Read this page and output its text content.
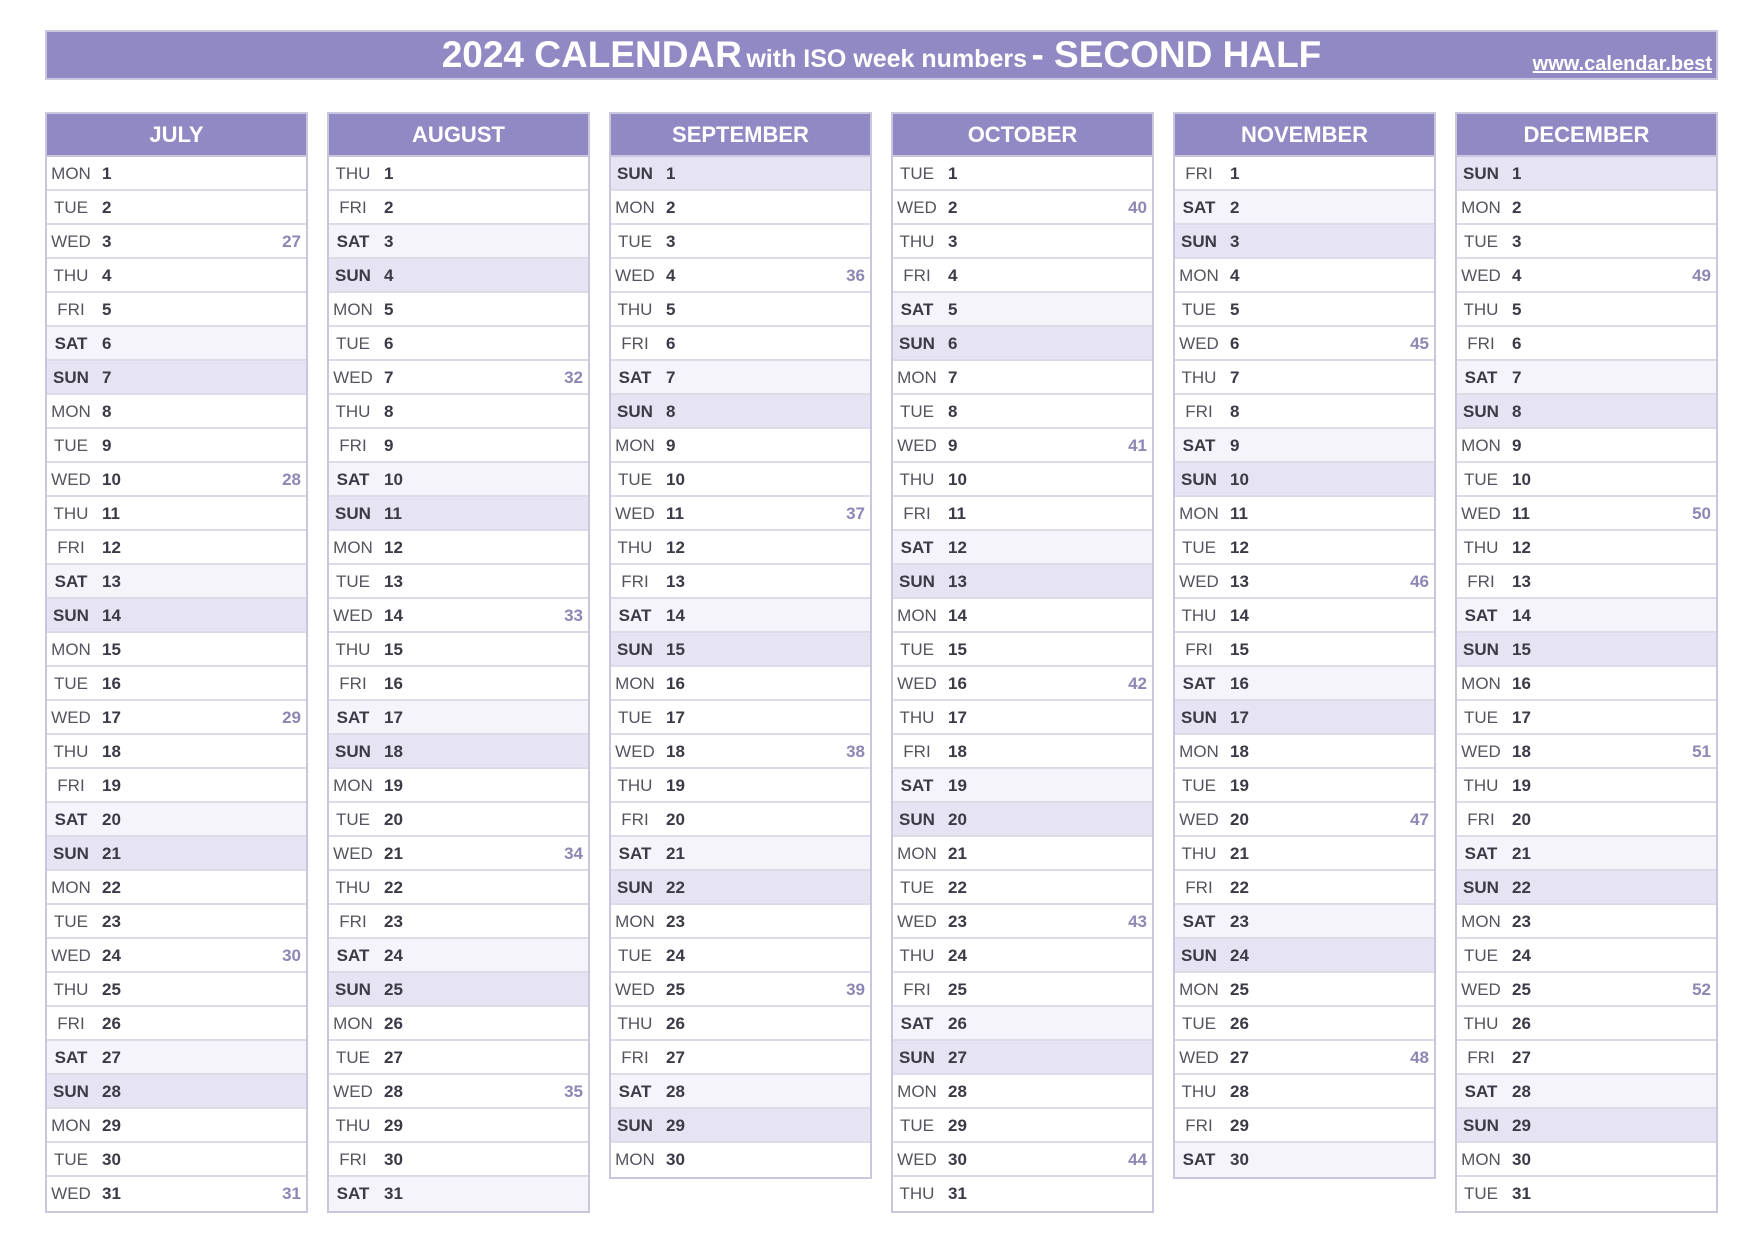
2024 CALENDAR with ISO week numbers - SECOND HALF	www.calendar.best
JULY
MON 1
TUE 2
WED 3	27
THU 4
FRI	5
SAT 6
SUN 7
MON 8
TUE 9
WED 10	28
THU 11
FRI	12
SAT 13
SUN 14
MON 15
TUE 16
WED 17	29
THU 18
FRI	19
SAT 20
SUN 21
MON 22
TUE 23
WED 24	30
THU 25
FRI	26
SAT 27
SUN 28
MON 29
TUE 30
WED 31	31
AUGUST
THU 1
FRI	2
SAT 3
SUN 4
MON 5
TUE 6
WED 7	32
THU 8
FRI	9
SAT 10
SUN 11
MON 12
TUE 13
WED 14	33
THU 15
FRI	16
SAT 17
SUN 18
MON 19
TUE 20
WED 21	34
THU 22
FRI	23
SAT 24
SUN 25
MON 26
TUE 27
WED 28	35
THU 29
FRI	30
SAT 31
SEPTEMBER
SUN 1
MON 2
TUE 3
WED 4	36
THU 5
FRI	6
SAT 7
SUN 8
MON 9
TUE 10
WED 11	37
THU 12
FRI	13
SAT 14
SUN 15
MON 16
TUE 17
WED 18	38
THU 19
FRI	20
SAT 21
SUN 22
MON 23
TUE 24
WED 25	39
THU 26
FRI	27
SAT 28
SUN 29
MON 30
OCTOBER
TUE 1
WED 2	40
THU 3
FRI	4
SAT 5
SUN 6
MON 7
TUE 8
WED 9	41
THU 10
FRI	11
SAT 12
SUN 13
MON 14
TUE 15
WED 16	42
THU 17
FRI	18
SAT 19
SUN 20
MON 21
TUE 22
WED 23	43
THU 24
FRI	25
SAT 26
SUN 27
MON 28
TUE 29
WED 30	44
THU 31
NOVEMBER
FRI	1
SAT 2
SUN 3
MON 4
TUE 5
WED 6	45
THU 7
FRI	8
SAT 9
SUN 10
MON 11
TUE 12
WED 13	46
THU 14
FRI	15
SAT 16
SUN 17
MON 18
TUE 19
WED 20	47
THU 21
FRI	22
SAT 23
SUN 24
MON 25
TUE 26
WED 27	48
THU 28
FRI	29
SAT 30
DECEMBER
SUN 1
MON 2
TUE 3
WED 4	49
THU 5
FRI	6
SAT 7
SUN 8
MON 9
TUE 10
WED 11	50
THU 12
FRI	13
SAT 14
SUN 15
MON 16
TUE 17
WED 18	51
THU 19
FRI	20
SAT 21
SUN 22
MON 23
TUE 24
WED 25	52
THU 26
FRI	27
SAT 28
SUN 29
MON 30
TUE 31
